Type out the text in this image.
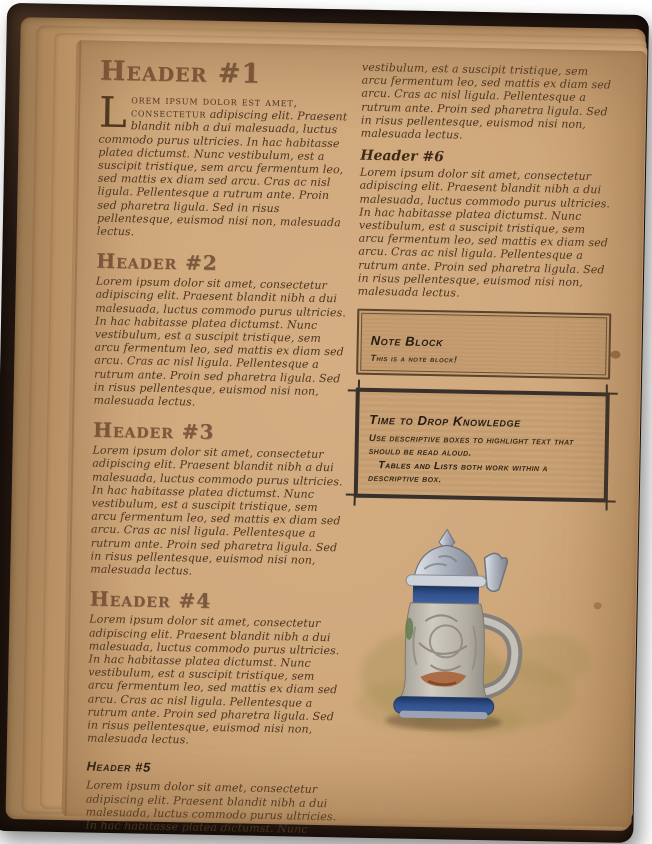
Header #1

Lorem ipsum dolor est amet, consectetur adipiscing elit. Praesent blandit nibh a dui malesuada, luctus commodo purus ultricies. In hac habitasse platea dictumst. Nunc vestibulum, est a suscipit tristique, sem arcu fermentum leo, sed mattis ex diam sed arcu. Cras ac nisl ligula. Pellentesque a rutrum ante. Proin sed pharetra ligula. Sed in risus pellentesque, euismod nisi non, malesuada lectus.

Header #2

Lorem ipsum dolor sit amet, consectetur adipiscing elit. Praesent blandit nibh a dui malesuada, luctus commodo purus ultricies. In hac habitasse platea dictumst. Nunc vestibulum, est a suscipit tristique, sem arcu fermentum leo, sed mattis ex diam sed arcu. Cras ac nisl ligula. Pellentesque a rutrum ante. Proin sed pharetra ligula. Sed in risus pellentesque, euismod nisi non, malesuada lectus.

Header #3

Lorem ipsum dolor sit amet, consectetur adipiscing elit. Praesent blandit nibh a dui malesuada, luctus commodo purus ultricies. In hac habitasse platea dictumst. Nunc vestibulum, est a suscipit tristique, sem arcu fermentum leo, sed mattis ex diam sed arcu. Cras ac nisl ligula. Pellentesque a rutrum ante. Proin sed pharetra ligula. Sed in risus pellentesque, euismod nisi non, malesuada lectus.

Header #4

Lorem ipsum dolor sit amet, consectetur adipiscing elit. Praesent blandit nibh a dui malesuada, luctus commodo purus ultricies. In hac habitasse platea dictumst. Nunc vestibulum, est a suscipit tristique, sem arcu fermentum leo, sed mattis ex diam sed arcu. Cras ac nisl ligula. Pellentesque a rutrum ante. Proin sed pharetra ligula. Sed in risus pellentesque, euismod nisi non, malesuada lectus.

Header #5

Lorem ipsum dolor sit amet, consectetur adipiscing elit. Praesent blandit nibh a dui malesuada, luctus commodo purus ultricies. In hac habitasse platea dictumst. Nunc

vestibulum, est a suscipit tristique, sem arcu fermentum leo, sed mattis ex diam sed arcu. Cras ac nisl ligula. Pellentesque a rutrum ante. Proin sed pharetra ligula. Sed in risus pellentesque, euismod nisi non, malesuada lectus.

Header #6

Lorem ipsum dolor sit amet, consectetur adipiscing elit. Praesent blandit nibh a dui malesuada, luctus commodo purus ultricies. In hac habitasse platea dictumst. Nunc vestibulum, est a suscipit tristique, sem arcu fermentum leo, sed mattis ex diam sed arcu. Cras ac nisl ligula. Pellentesque a rutrum ante. Proin sed pharetra ligula. Sed in risus pellentesque, euismod nisi non, malesuada lectus.

Note Block
This is a note block!
Time to Drop Knowledge

Use descriptive boxes to highlight text that should be read aloud.

Tables and Lists both work within a descriptive box.
